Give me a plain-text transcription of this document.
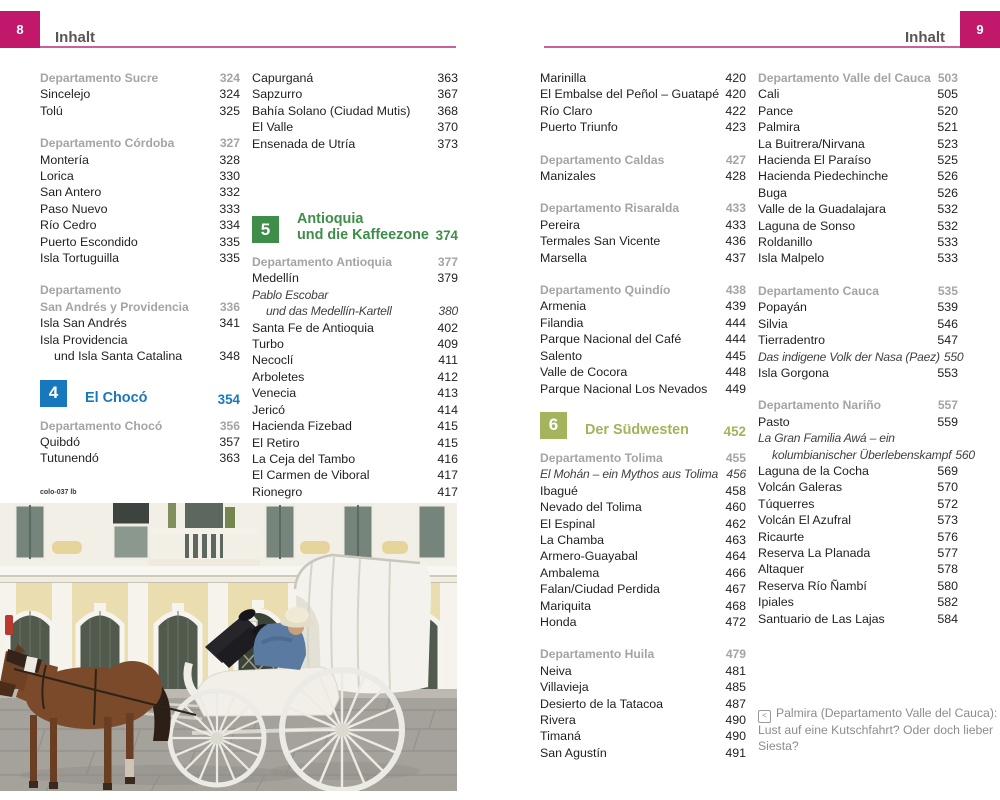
8	Inhalt	9
Inhalt
Departamento Sucre	324
Sincelejo	324
Tolú	325
Departamento Córdoba	327
Montería	328
Lorica	330
San Antero	332
Paso Nuevo	333
Río Cedro	334
Puerto Escondido	335
Isla Tortuguilla	335
Departamento
San Andrés y Providencia	336
Isla San Andrés	341
Isla Providencia
und Isla Santa Catalina	348
4	El Chocó	354
Departamento Chocó	356
Quibdó	357
Tutunendó	363
Capurganá	363
Sapzurro	367
Bahía Solano (Ciudad Mutis)	368
El Valle	370
Ensenada de Utría	373
5
Antioquia
und die Kaffeezone 374
Departamento Antioquia	377
Medellín	379
Pablo Escobar
und das Medellín-Kartell	380
Santa Fe de Antioquia	402
Turbo	409
Necoclí	411
Arboletes	412
Venecia	413
Jericó	414
Hacienda Fizebad	415
El Retiro	415
La Ceja del Tambo	416
El Carmen de Viboral	417
Rionegro	417
Marinilla	420
El Embalse del Peñol – Guatapé 420
Río Claro	422
Puerto Triunfo	423
Departamento Caldas	427
Manizales	428
Departamento Risaralda	433
Pereira	433
Termales San Vicente	436
Marsella	437
Departamento Quindío	438
Armenia	439
Filandia	444
Parque Nacional del Café	444
Salento	445
Valle de Cocora	448
Parque Nacional Los Nevados	449
6	Der Südwesten	452
Departamento Tolima	455
El Mohán – ein Mythos aus Tolima 456
Ibagué	458
Nevado del Tolima	460
El Espinal	462
La Chamba	463
Armero-Guayabal	464
Ambalema	466
Falan/Ciudad Perdida	467
Mariquita	468
Honda	472
Departamento Huila	479
Neiva	481
Villavieja	485
Desierto de la Tatacoa	487
Rivera	490
Timaná	490
San Agustín	491
Departamento Valle del Cauca 503
Cali	505
Pance	520
Palmira	521
La Buitrera/Nirvana	523
Hacienda El Paraíso	525
Hacienda Piedechinche	526
Buga	526
Valle de la Guadalajara	532
Laguna de Sonso	532
Roldanillo	533
Isla Malpelo	533
Departamento Cauca	535
Popayán	539
Silvia	546
Tierradentro	547
Das indigene Volk der Nasa (Paez) 550
Isla Gorgona	553
Departamento Nariño	557
Pasto	559
La Gran Familia Awá – ein
kolumbianischer Überlebenskampf 560
Laguna de la Cocha	569
Volcán Galeras	570
Túquerres	572
Volcán El Azufral	573
Ricaurte	576
Reserva La Planada	577
Altaquer	578
Reserva Río Ñambí	580
Ipiales	582
Santuario de Las Lajas	584
colo-037 lb
< Palmira (Departamento Valle del Cauca):
Lust auf eine Kutschfahrt? Oder doch lieber Siesta?
